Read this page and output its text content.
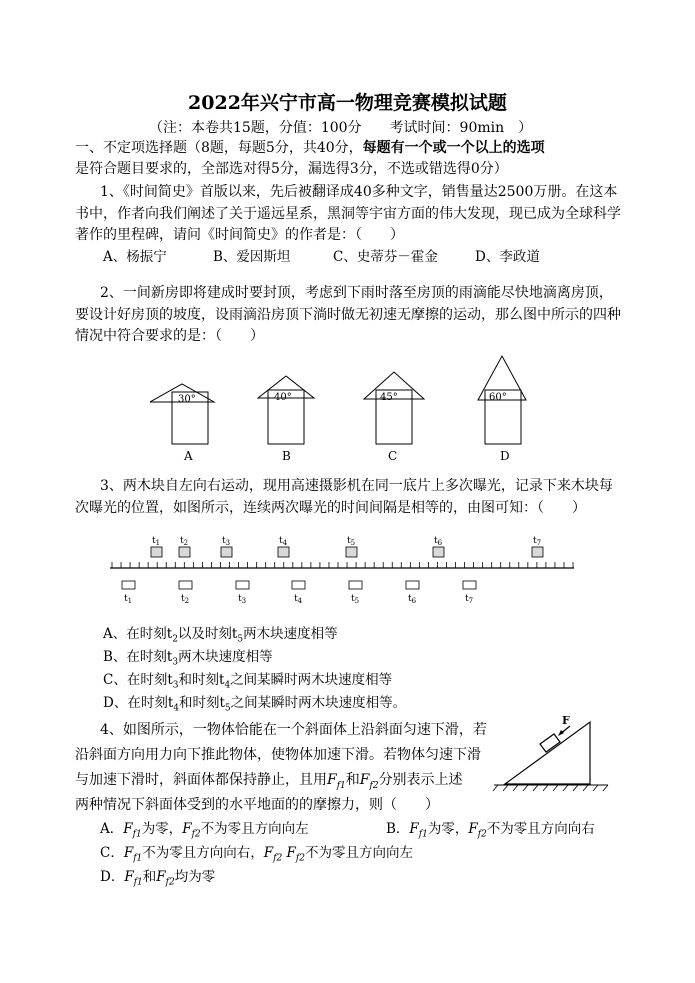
2022年兴宁市高一物理竞赛模拟试题
（注：本卷共15题，分值：100分　　考试时间：90min　）
一、不定项选择题（8题，每题5分，共40分，每题有一个或一个以上的选项
是符合题目要求的，全部选对得5分，漏选得3分，不选或错选得0分）
1、《时间简史》首版以来，先后被翻译成40多种文字，销售量达2500万册。在这本
书中，作者向我们阐述了关于遥远星系，黑洞等宇宙方面的伟大发现，现已成为全球科学
著作的里程碑，请问《时间简史》的作者是：（　　）
A、杨振宁	B、爱因斯坦	C、史蒂芬－霍金	D、李政道
2、一间新房即将建成时要封顶，考虑到下雨时落至房顶的雨滴能尽快地滴离房顶，
要设计好房顶的坡度，设雨滴沿房顶下淌时做无初速无摩擦的运动，那么图中所示的四种
情况中符合要求的是：（　　）
30°
A
40°
B
45°
C
60°
D
3、两木块自左向右运动，现用高速摄影机在同一底片上多次曝光，记录下来木块每
次曝光的位置，如图所示，连续两次曝光的时间间隔是相等的，由图可知：（　　）
$t_1$ $t_2$	$t_3$	$t_4$	$t_5$	$t_6$	$t_7$
$t_1$	$t_2$	$t_3$	$t_4$	$t_5$	$t_6$	$t_7$
A、在时刻$t_2$以及时刻$t_5$两木块速度相等
B、在时刻$t_3$两木块速度相等
C、在时刻$t_3$和时刻$t_4$之间某瞬时两木块速度相等
D、在时刻$t_4$和时刻$t_5$之间某瞬时两木块速度相等。
4、如图所示，一物体恰能在一个斜面体上沿斜面匀速下滑，若
沿斜面方向用力向下推此物体，使物体加速下滑。若物体匀速下滑
与加速下滑时，斜面体都保持静止，且用$F_{f1}$和$F_{f2}$分别表示上述
两种情况下斜面体受到的水平地面的的摩擦力，则（　　）
F
A．$F_{f1}$为零，$F_{f2}$不为零且方向向左	B．$F_{f1}$为零，$F_{f2}$不为零且方向向右
C．$F_{f1}$不为零且方向向右，$F_{f2}$ $F_{f2}$不为零且方向向左
D．$F_{f1}$和$F_{f2}$均为零
